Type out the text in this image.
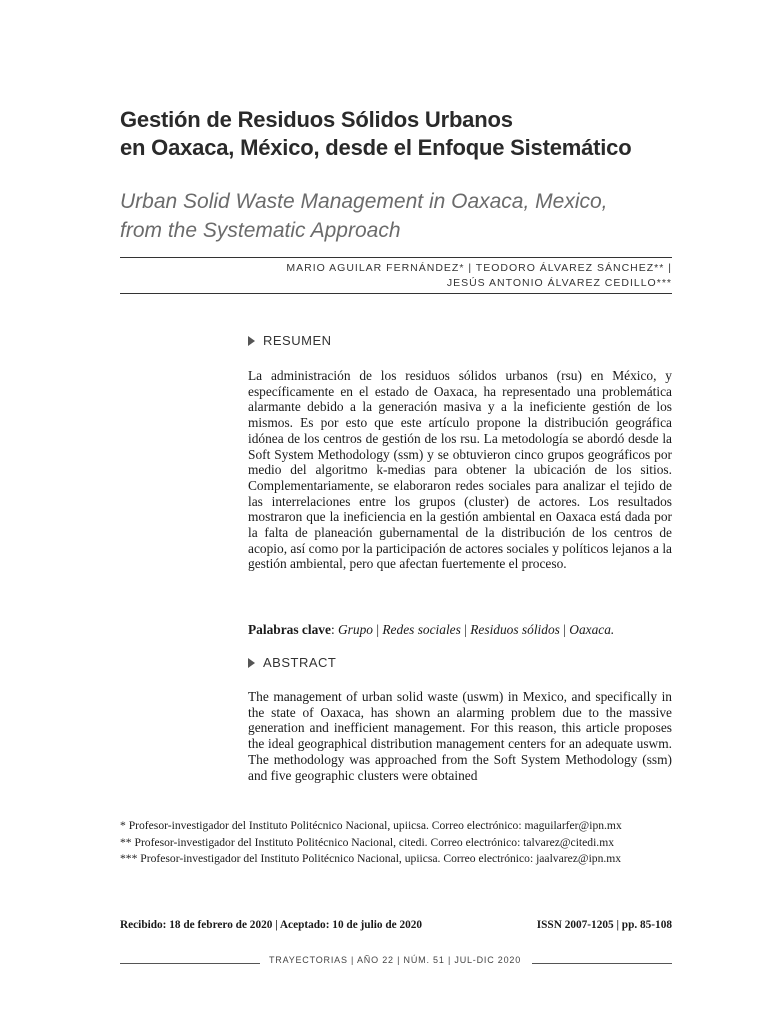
Gestión de Residuos Sólidos Urbanos
en Oaxaca, México, desde el Enfoque Sistemático
Urban Solid Waste Management in Oaxaca, Mexico,
from the Systematic Approach
MARIO AGUILAR FERNÁNDEZ* | TEODORO ÁLVAREZ SÁNCHEZ** |
JESÚS ANTONIO ÁLVAREZ CEDILLO***
RESUMEN
La administración de los residuos sólidos urbanos (rsu) en México, y específicamente en el estado de Oaxaca, ha representado una problemática alarmante debido a la generación masiva y a la ineficiente gestión de los mismos. Es por esto que este artículo propone la distribución geográfica idónea de los centros de gestión de los rsu. La metodología se abordó desde la Soft System Methodology (ssm) y se obtuvieron cinco grupos geográficos por medio del algoritmo k-medias para obtener la ubicación de los sitios. Complementariamente, se elaboraron redes sociales para analizar el tejido de las interrelaciones entre los grupos (cluster) de actores. Los resultados mostraron que la ineficiencia en la gestión ambiental en Oaxaca está dada por la falta de planeación gubernamental de la distribución de los centros de acopio, así como por la participación de actores sociales y políticos lejanos a la gestión ambiental, pero que afectan fuertemente el proceso.
Palabras clave: Grupo | Redes sociales | Residuos sólidos | Oaxaca.
ABSTRACT
The management of urban solid waste (uswm) in Mexico, and specifically in the state of Oaxaca, has shown an alarming problem due to the massive generation and inefficient management. For this reason, this article proposes the ideal geographical distribution management centers for an adequate uswm. The methodology was approached from the Soft System Methodology (ssm) and five geographic clusters were obtained
* Profesor-investigador del Instituto Politécnico Nacional, upiicsa. Correo electrónico: maguilarfer@ipn.mx
** Profesor-investigador del Instituto Politécnico Nacional, citedi. Correo electrónico: talvarez@citedi.mx
*** Profesor-investigador del Instituto Politécnico Nacional, upiicsa. Correo electrónico: jaalvarez@ipn.mx
Recibido: 18 de febrero de 2020 | Aceptado: 10 de julio de 2020	ISSN 2007-1205 | pp. 85-108
TRAYECTORIAS | AÑO 22 | NÚM. 51 | JUL-DIC 2020
